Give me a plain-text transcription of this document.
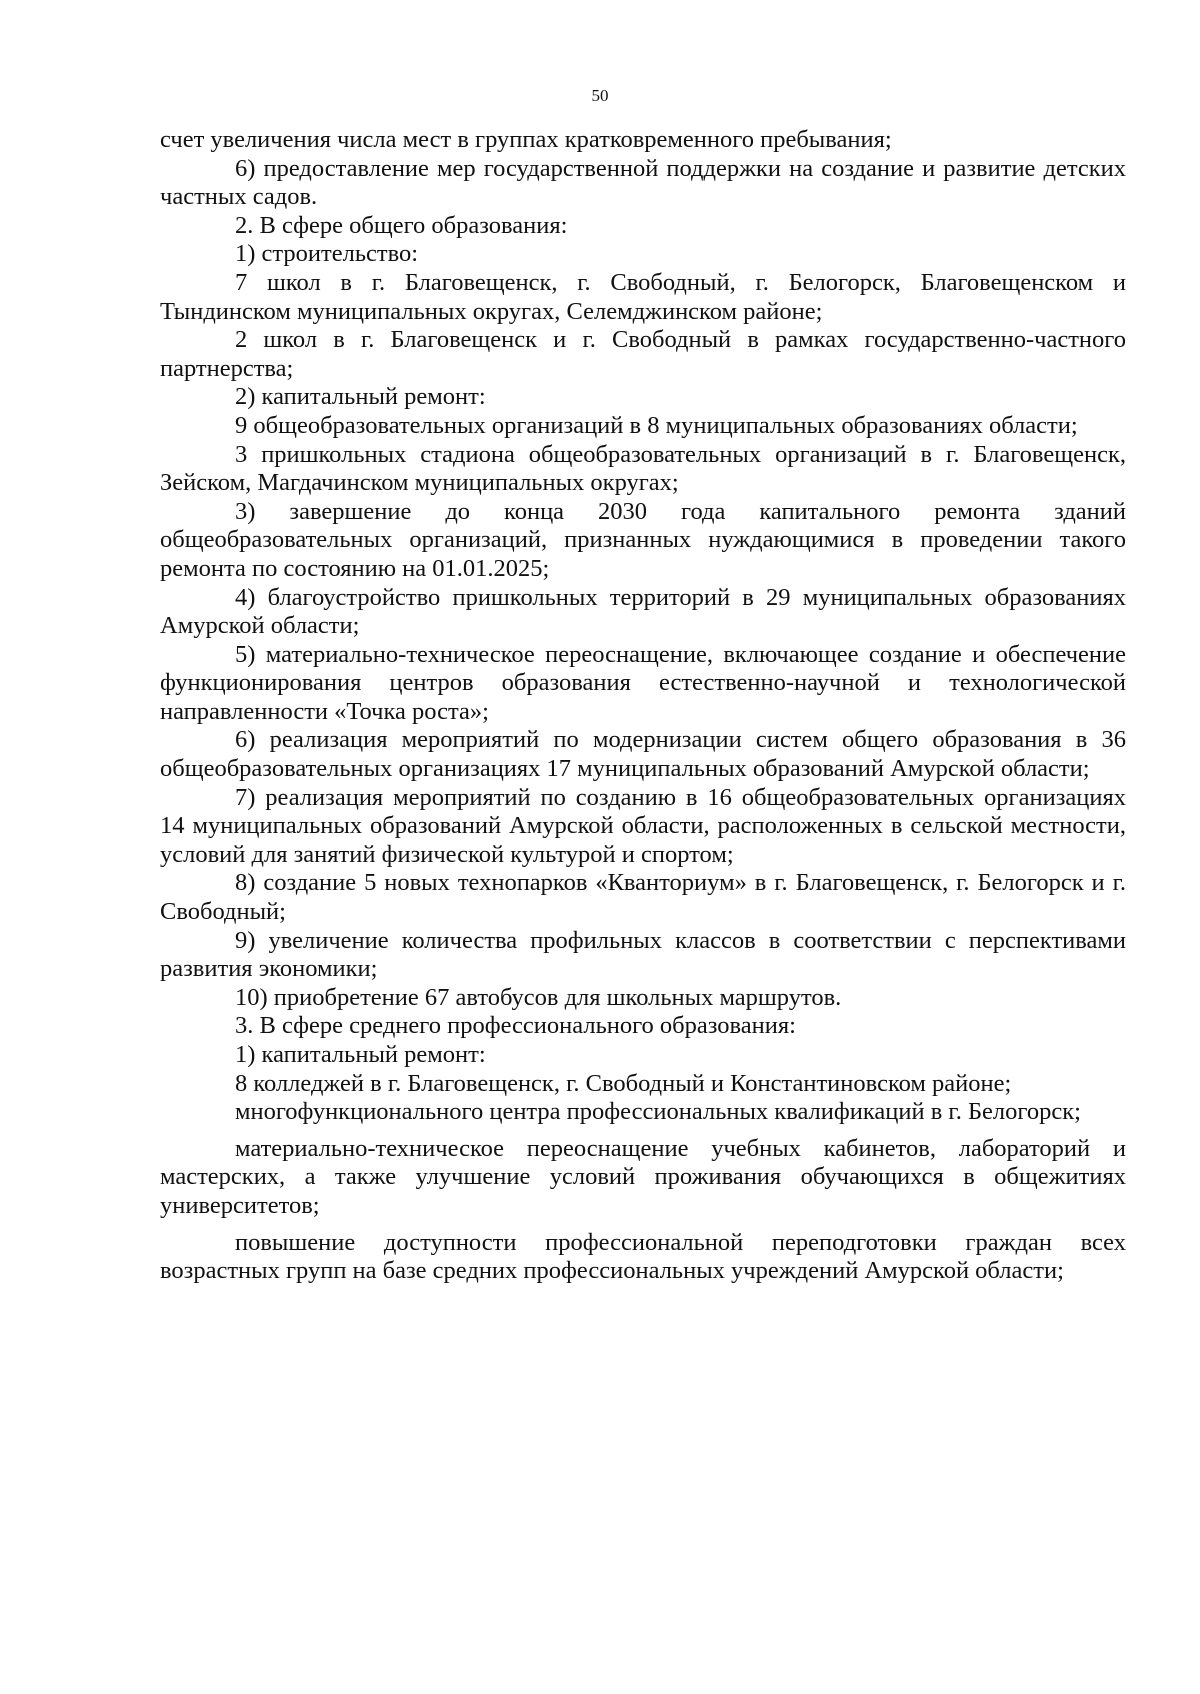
50

счет увеличения числа мест в группах кратковременного пребывания;

6) предоставление мер государственной поддержки на создание и развитие детских частных садов.

2. В сфере общего образования:

1) строительство:

7 школ в г. Благовещенск, г. Свободный, г. Белогорск, Благовещенском и Тындинском муниципальных округах, Селемджинском районе;

2 школ в г. Благовещенск и г. Свободный в рамках государственно-частного партнерства;

2) капитальный ремонт:

9 общеобразовательных организаций в 8 муниципальных образованиях области;

3 пришкольных стадиона общеобразовательных организаций в г. Благовещенск, Зейском, Магдачинском муниципальных округах;

3) завершение до конца 2030 года капитального ремонта зданий общеобразовательных организаций, признанных нуждающимися в проведении такого ремонта по состоянию на 01.01.2025;

4) благоустройство пришкольных территорий в 29 муниципальных образованиях Амурской области;

5) материально-техническое переоснащение, включающее создание и обеспечение функционирования центров образования естественно-научной и технологической направленности «Точка роста»;

6) реализация мероприятий по модернизации систем общего образования в 36 общеобразовательных организациях 17 муниципальных образований Амурской области;

7) реализация мероприятий по созданию в 16 общеобразовательных организациях 14 муниципальных образований Амурской области, расположенных в сельской местности, условий для занятий физической культурой и спортом;

8) создание 5 новых технопарков «Кванториум» в г. Благовещенск, г. Белогорск и г. Свободный;

9) увеличение количества профильных классов в соответствии с перспективами развития экономики;

10) приобретение 67 автобусов для школьных маршрутов.

3. В сфере среднего профессионального образования:

1) капитальный ремонт:

8 колледжей в г. Благовещенск, г. Свободный и Константиновском районе;

многофункционального центра профессиональных квалификаций в г. Белогорск;

материально-техническое переоснащение учебных кабинетов, лабораторий и мастерских, а также улучшение условий проживания обучающихся в общежитиях университетов;

повышение доступности профессиональной переподготовки граждан всех возрастных групп на базе средних профессиональных учреждений Амурской области;
